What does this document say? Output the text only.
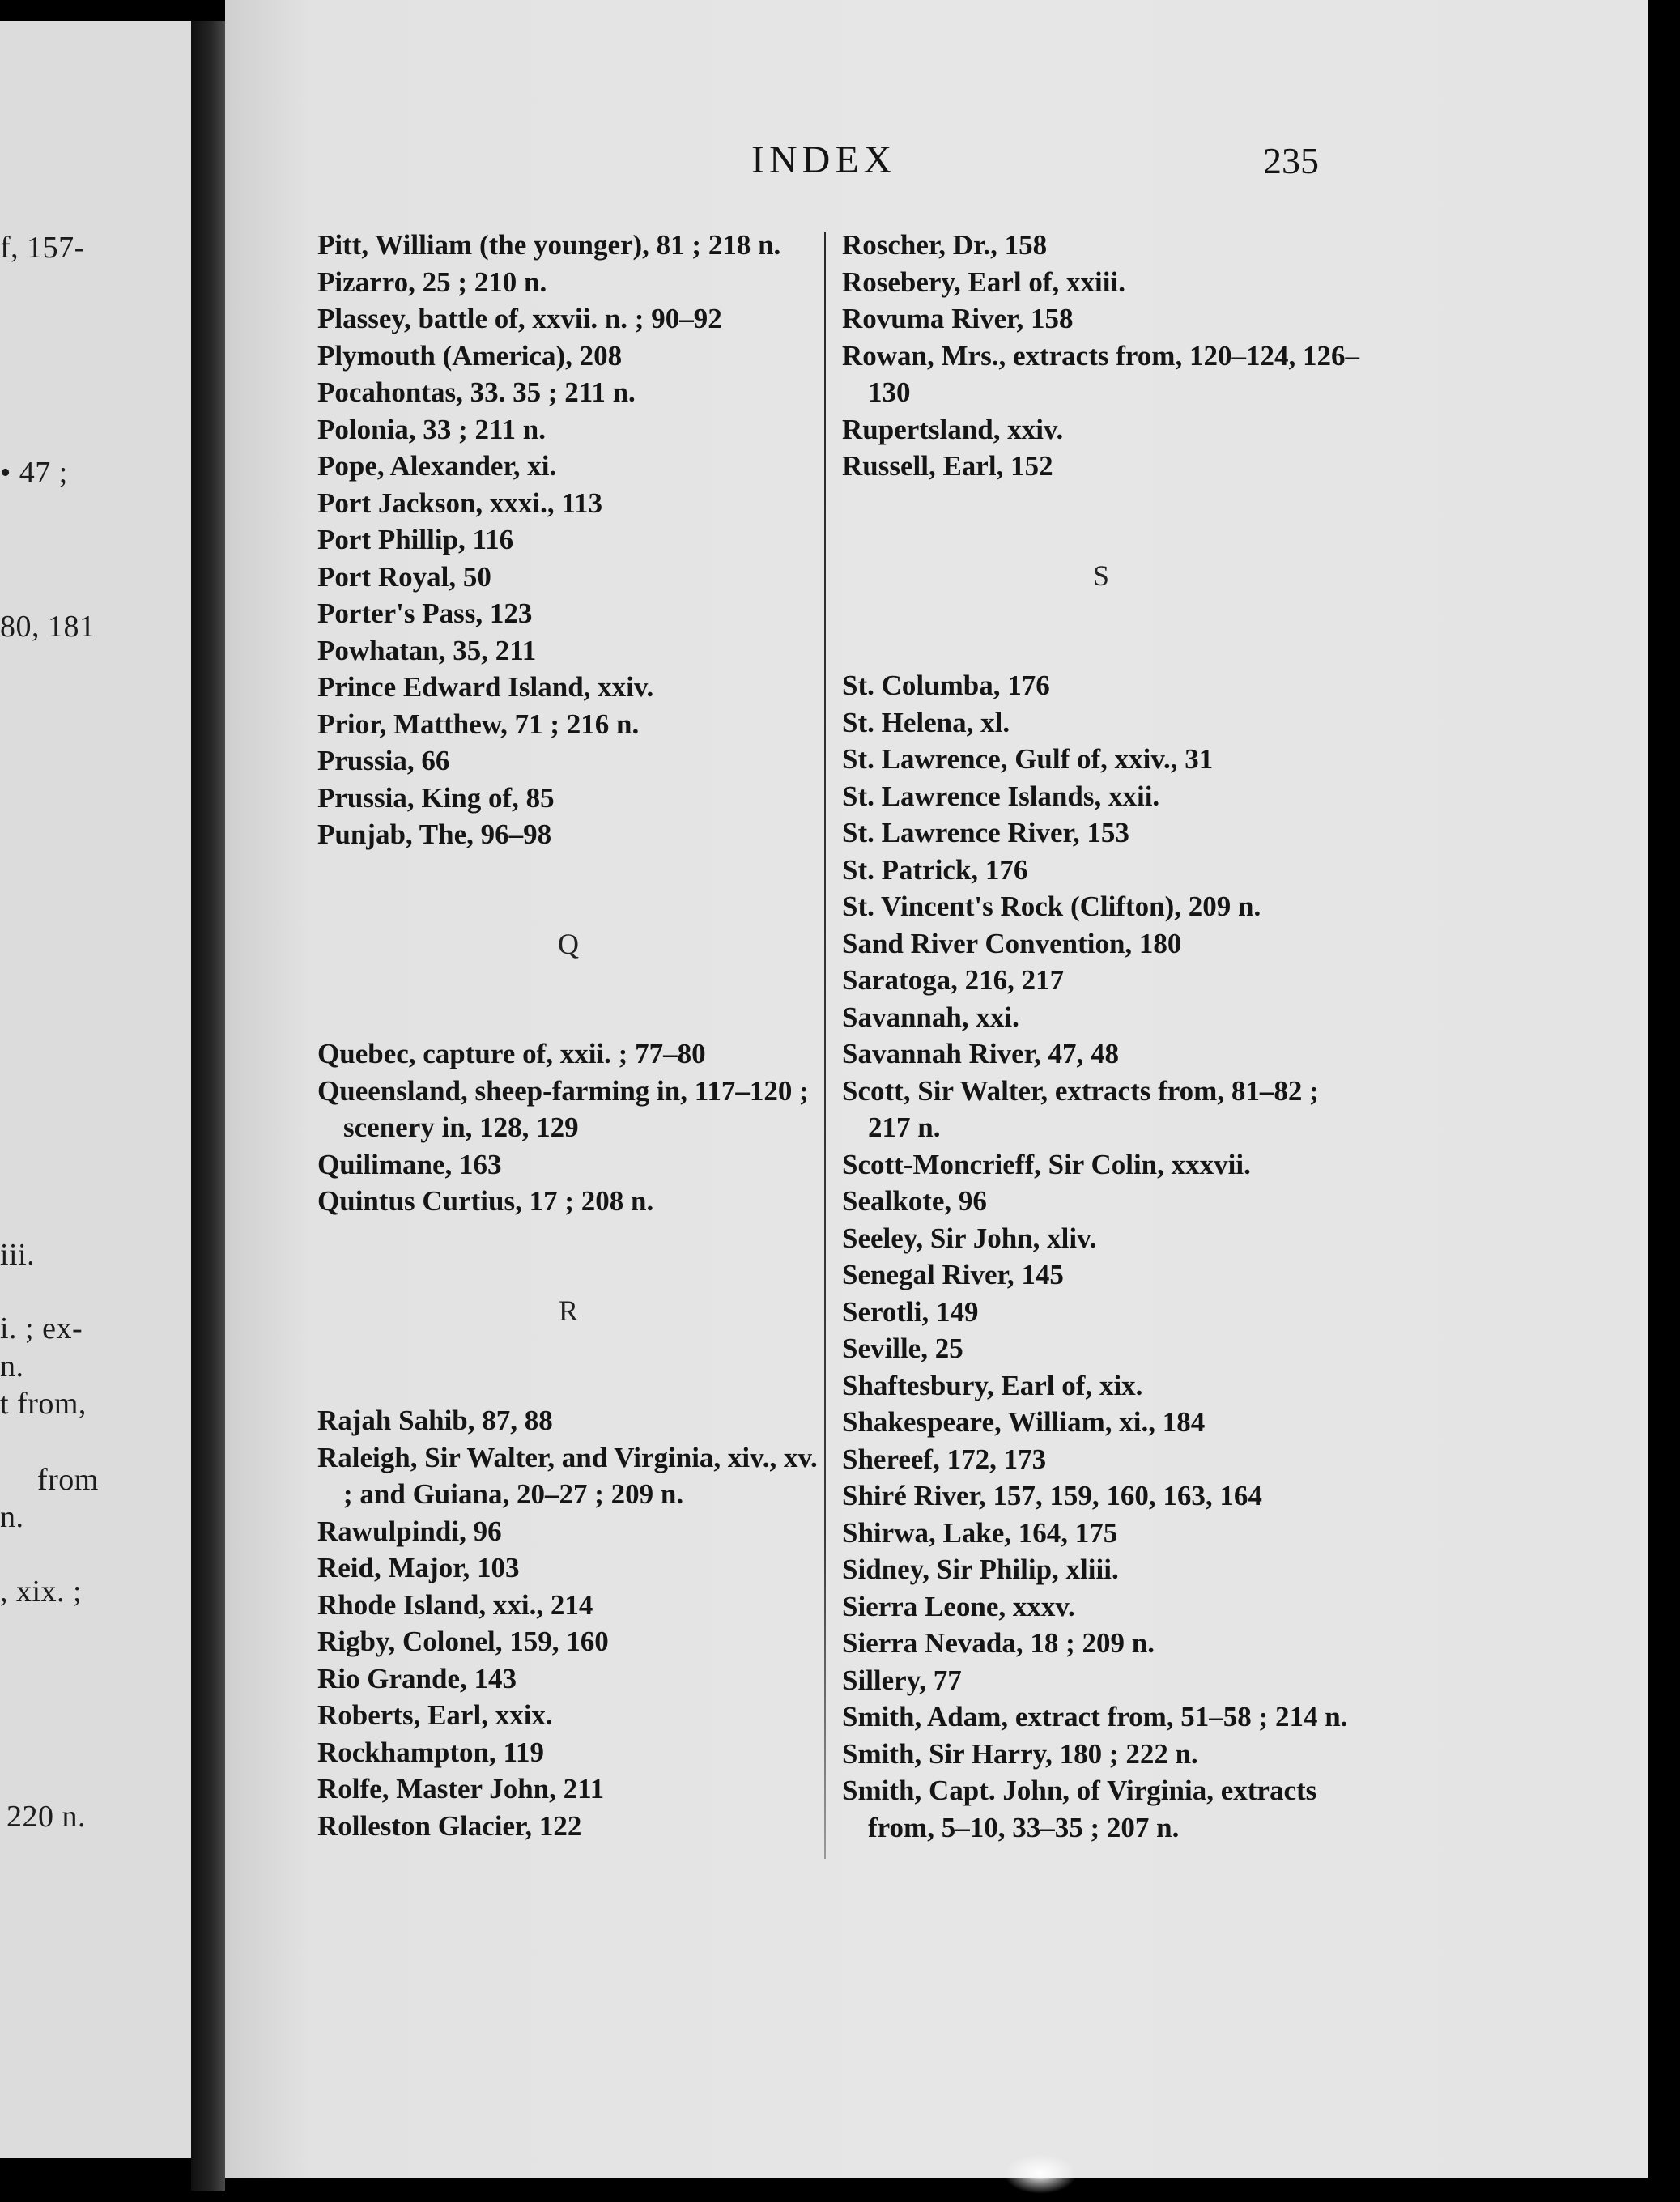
f, 157-
• 47 ;
80, 181
iii.
i. ; ex-
n.
t from,
from
n.
, xix. ;
220 n.
INDEX	235
Pitt, William (the younger), 81 ; 218 n.
Pizarro, 25 ; 210 n.
Plassey, battle of, xxvii. n. ; 90–92
Plymouth (America), 208
Pocahontas, 33. 35 ; 211 n.
Polonia, 33 ; 211 n.
Pope, Alexander, xi.
Port Jackson, xxxi., 113
Port Phillip, 116
Port Royal, 50
Porter's Pass, 123
Powhatan, 35, 211
Prince Edward Island, xxiv.
Prior, Matthew, 71 ; 216 n.
Prussia, 66
Prussia, King of, 85
Punjab, The, 96–98
Q
Quebec, capture of, xxii. ; 77–80
Queensland, sheep-farming in, 117–120 ; scenery in, 128, 129
Quilimane, 163
Quintus Curtius, 17 ; 208 n.
R
Rajah Sahib, 87, 88
Raleigh, Sir Walter, and Virginia, xiv., xv. ; and Guiana, 20–27 ; 209 n.
Rawulpindi, 96
Reid, Major, 103
Rhode Island, xxi., 214
Rigby, Colonel, 159, 160
Rio Grande, 143
Roberts, Earl, xxix.
Rockhampton, 119
Rolfe, Master John, 211
Rolleston Glacier, 122
Roscher, Dr., 158
Rosebery, Earl of, xxiii.
Rovuma River, 158
Rowan, Mrs., extracts from, 120–124, 126–130
Rupertsland, xxiv.
Russell, Earl, 152
S
St. Columba, 176
St. Helena, xl.
St. Lawrence, Gulf of, xxiv., 31
St. Lawrence Islands, xxii.
St. Lawrence River, 153
St. Patrick, 176
St. Vincent's Rock (Clifton), 209 n.
Sand River Convention, 180
Saratoga, 216, 217
Savannah, xxi.
Savannah River, 47, 48
Scott, Sir Walter, extracts from, 81–82 ; 217 n.
Scott-Moncrieff, Sir Colin, xxxvii.
Sealkote, 96
Seeley, Sir John, xliv.
Senegal River, 145
Serotli, 149
Seville, 25
Shaftesbury, Earl of, xix.
Shakespeare, William, xi., 184
Shereef, 172, 173
Shiré River, 157, 159, 160, 163, 164
Shirwa, Lake, 164, 175
Sidney, Sir Philip, xliii.
Sierra Leone, xxxv.
Sierra Nevada, 18 ; 209 n.
Sillery, 77
Smith, Adam, extract from, 51–58 ; 214 n.
Smith, Sir Harry, 180 ; 222 n.
Smith, Capt. John, of Virginia, extracts from, 5–10, 33–35 ; 207 n.
